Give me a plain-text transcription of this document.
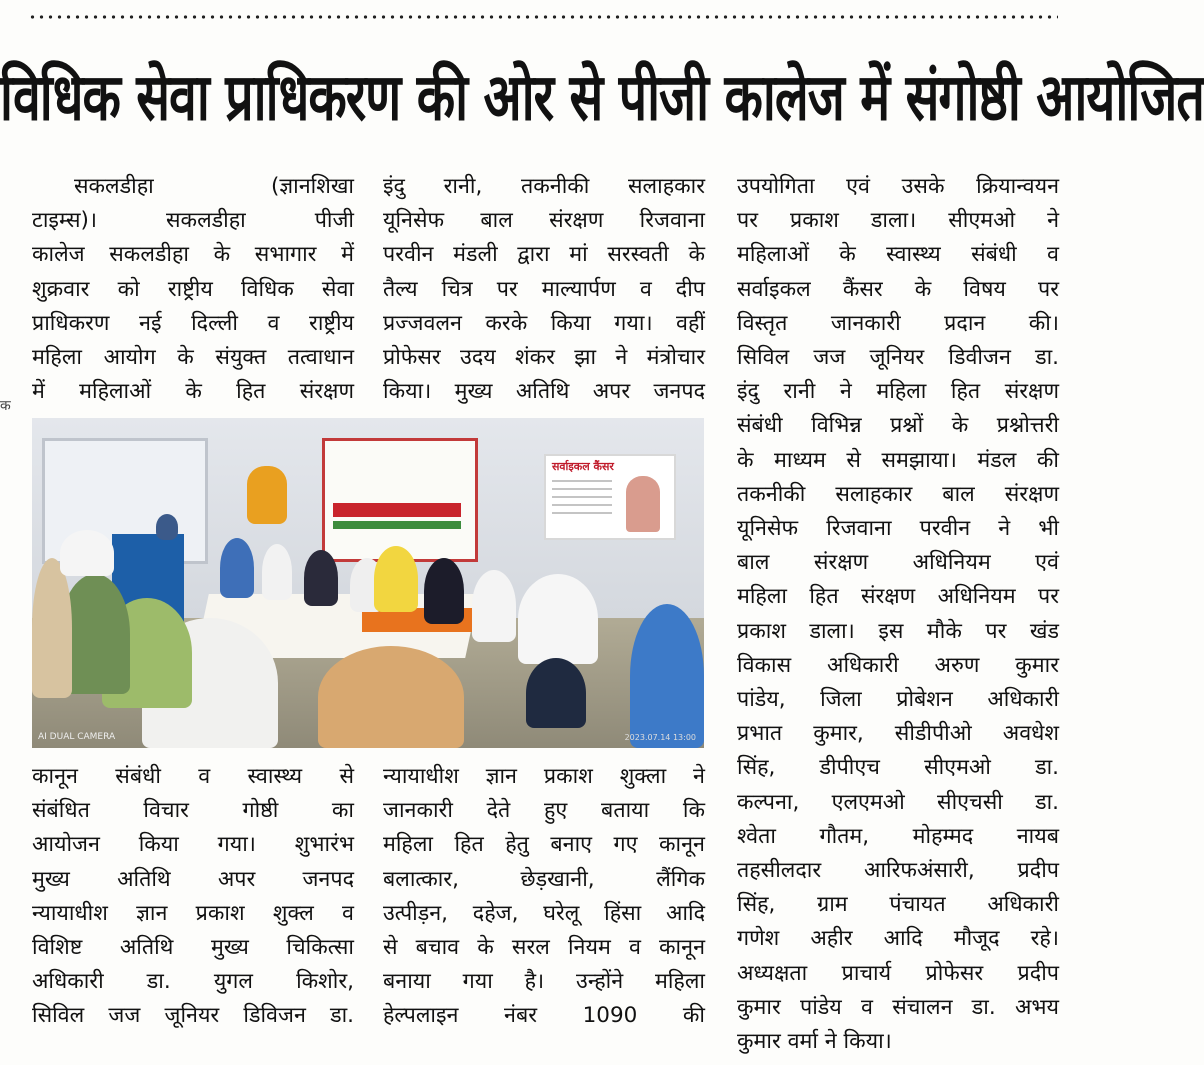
विधिक सेवा प्राधिकरण की ओर से पीजी कालेज में संगोष्ठी आयोजित
क

सकलडीहा (ज्ञानशिखा

टाइम्स)। सकलडीहा पीजी

कालेज सकलडीहा के सभागार में

शुक्रवार को राष्ट्रीय विधिक सेवा

प्राधिकरण नई दिल्ली व राष्ट्रीय

महिला आयोग के संयुक्त तत्वाधान

में महिलाओं के हित संरक्षण

इंदु रानी, तकनीकी सलाहकार

यूनिसेफ बाल संरक्षण रिजवाना

परवीन मंडली द्वारा मां सरस्वती के

तैल्य चित्र पर माल्यार्पण व दीप

प्रज्जवलन करके किया गया। वहीं

प्रोफेसर उदय शंकर झा ने मंत्रोचार

किया। मुख्य अतिथि अपर जनपद

कानून संबंधी व स्वास्थ्य से

संबंधित विचार गोष्ठी का

आयोजन किया गया। शुभारंभ

मुख्य अतिथि अपर जनपद

न्यायाधीश ज्ञान प्रकाश शुक्ल व

विशिष्ट अतिथि मुख्य चिकित्सा

अधिकारी डा. युगल किशोर,

सिविल जज जूनियर डिविजन डा.

न्यायाधीश ज्ञान प्रकाश शुक्ला ने

जानकारी देते हुए बताया कि

महिला हित हेतु बनाए गए कानून

बलात्कार, छेड़खानी, लैंगिक

उत्पीड़न, दहेज, घरेलू हिंसा आदि

से बचाव के सरल नियम व कानून

बनाया गया है। उन्होंने महिला

हेल्पलाइन नंबर 1090 की

उपयोगिता एवं उसके क्रियान्वयन

पर प्रकाश डाला। सीएमओ ने

महिलाओं के स्वास्थ्य संबंधी व

सर्वाइकल कैंसर के विषय पर

विस्तृत जानकारी प्रदान की।

सिविल जज जूनियर डिवीजन डा.

इंदु रानी ने महिला हित संरक्षण

संबंधी विभिन्न प्रश्नों के प्रश्नोत्तरी

के माध्यम से समझाया। मंडल की

तकनीकी सलाहकार बाल संरक्षण

यूनिसेफ रिजवाना परवीन ने भी

बाल संरक्षण अधिनियम एवं

महिला हित संरक्षण अधिनियम पर

प्रकाश डाला। इस मौके पर खंड

विकास अधिकारी अरुण कुमार

पांडेय, जिला प्रोबेशन अधिकारी

प्रभात कुमार, सीडीपीओ अवधेश

सिंह, डीपीएच सीएमओ डा.

कल्पना, एलएमओ सीएचसी डा.

श्वेता गौतम, मोहम्मद नायब

तहसीलदार आरिफअंसारी, प्रदीप

सिंह, ग्राम पंचायत अधिकारी

गणेश अहीर आदि मौजूद रहे।

अध्यक्षता प्राचार्य प्रोफेसर प्रदीप

कुमार पांडेय व संचालन डा. अभय

कुमार वर्मा ने किया।

सर्वाइकल कैंसर
AI DUAL CAMERA	2023.07.14 13:00
